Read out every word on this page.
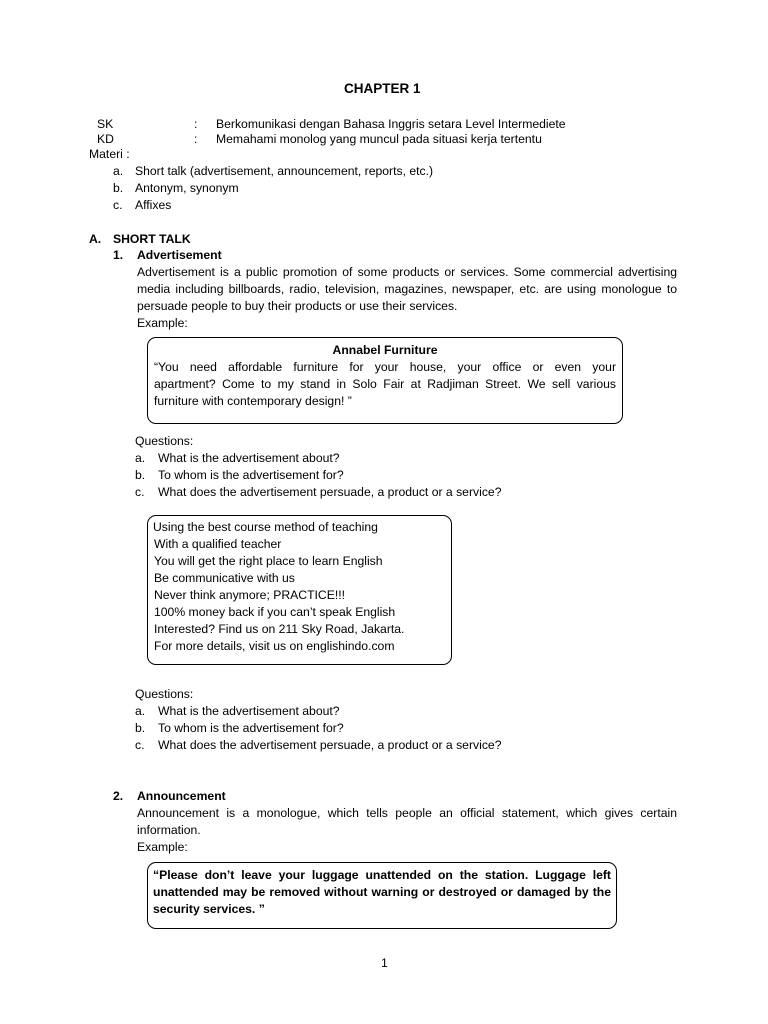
CHAPTER 1
SK	: Berkomunikasi dengan Bahasa Inggris setara Level Intermediete
KD	: Memahami monolog yang muncul pada situasi kerja tertentu
Materi :
a. Short talk (advertisement, announcement, reports, etc.)
b. Antonym, synonym
c. Affixes
A. SHORT TALK
1. Advertisement
Advertisement is a public promotion of some products or services. Some commercial advertising
media including billboards, radio, television, magazines, newspaper, etc. are using monologue to
persuade people to buy their products or use their services.
Example:
Annabel Furniture
“You need affordable furniture for your house, your office or even your
apartment? Come to my stand in Solo Fair at Radjiman Street. We sell various
furniture with contemporary design! ”
Questions:
a. What is the advertisement about?
b. To whom is the advertisement for?
c. What does the advertisement persuade, a product or a service?
Using the best course method of teaching
With a qualified teacher
You will get the right place to learn English
Be communicative with us
Never think anymore; PRACTICE!!!
100% money back if you can’t speak English
Interested? Find us on 211 Sky Road, Jakarta.
For more details, visit us on englishindo.com
Questions:
a. What is the advertisement about?
b. To whom is the advertisement for?
c. What does the advertisement persuade, a product or a service?
2. Announcement
Announcement is a monologue, which tells people an official statement, which gives certain
information.
Example:
“Please don’t leave your luggage unattended on the station. Luggage left
unattended may be removed without warning or destroyed or damaged by the
security services. ”
1
